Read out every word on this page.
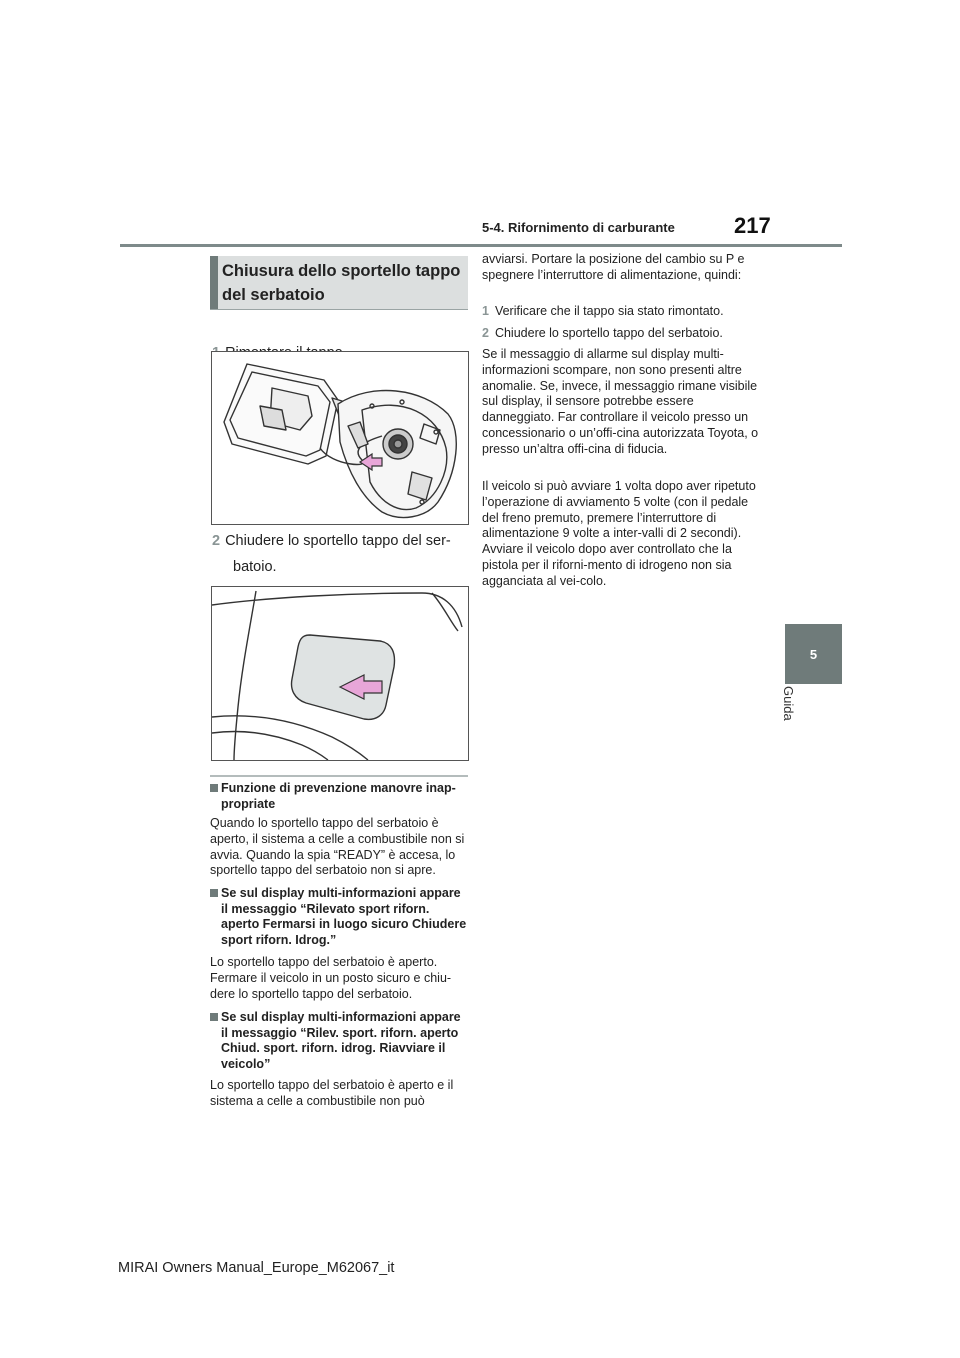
5-4. Rifornimento di carburante	217
5
Guida
Chiusura dello sportello tappo del serbatoio
2 Chiudere lo sportello tappo del ser-
batoio.
Funzione di prevenzione manovre inap-propriate
Quando lo sportello tappo del serbatoio è aperto, il sistema a celle a combustibile non si avvia. Quando la spia “READY” è accesa, lo sportello tappo del serbatoio non si apre.
Se sul display multi-informazioni appare il messaggio “Rilevato sport riforn. aperto Fermarsi in luogo sicuro Chiudere sport riforn. Idrog.”
Lo sportello tappo del serbatoio è aperto. Fermare il veicolo in un posto sicuro e chiu-dere lo sportello tappo del serbatoio.
Se sul display multi-informazioni appare il messaggio “Rilev. sport. riforn. aperto Chiud. sport. riforn. idrog. Riavviare il veicolo”
Lo sportello tappo del serbatoio è aperto e il sistema a celle a combustibile non può
avviarsi. Portare la posizione del cambio su P e spegnere l’interruttore di alimentazione, quindi:
1 Verificare che il tappo sia stato rimontato.
2 Chiudere lo sportello tappo del serbatoio.
Se il messaggio di allarme sul display multi-informazioni scompare, non sono presenti altre anomalie. Se, invece, il messaggio rimane visibile sul display, il sensore potrebbe essere danneggiato. Far controllare il veicolo presso un concessionario o un’offi-cina autorizzata Toyota, o presso un’altra offi-cina di fiducia.
Il veicolo si può avviare 1 volta dopo aver ripetuto l’operazione di avviamento 5 volte (con il pedale del freno premuto, premere l’interruttore di alimentazione 9 volte a inter-valli di 2 secondi). Avviare il veicolo dopo aver controllato che la pistola per il riforni-mento di idrogeno non sia agganciata al vei-colo.
MIRAI Owners Manual_Europe_M62067_it
